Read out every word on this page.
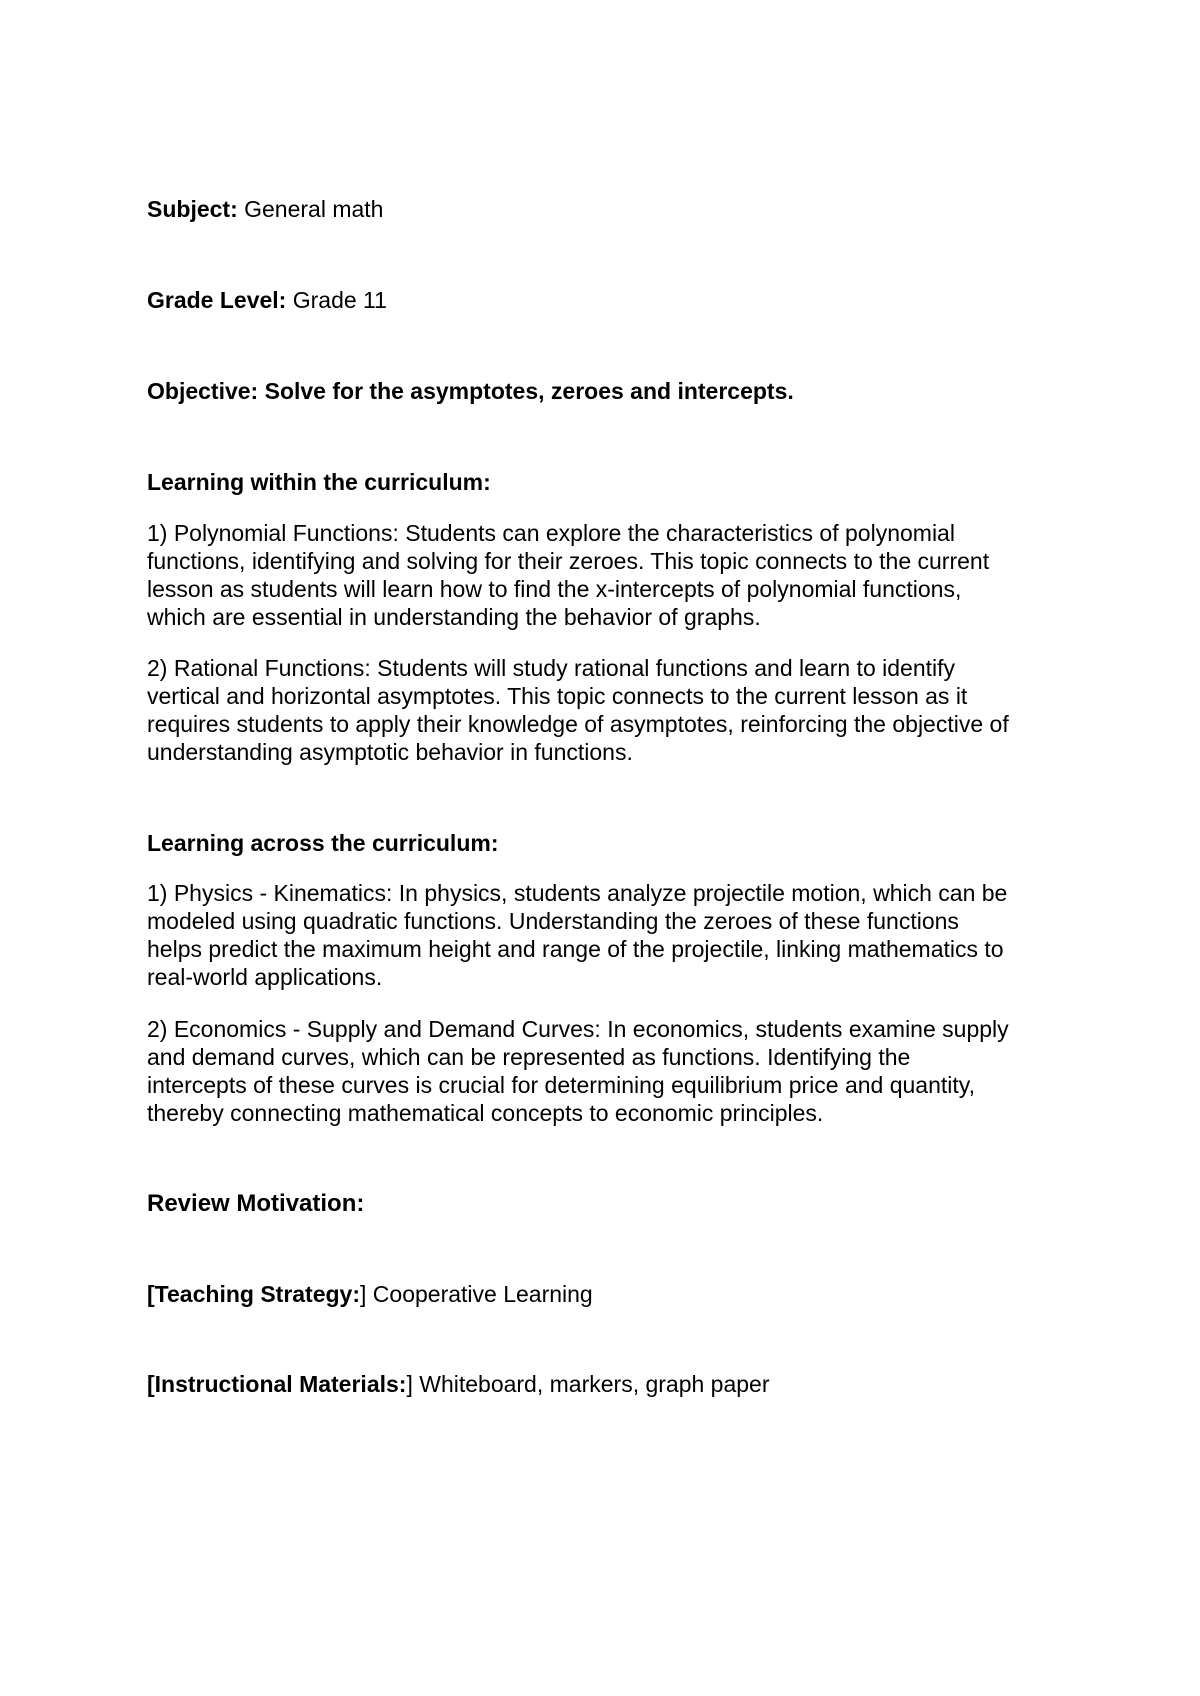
Subject: General math
Grade Level: Grade 11
Objective: Solve for the asymptotes, zeroes and intercepts.
Learning within the curriculum:
1) Polynomial Functions: Students can explore the characteristics of polynomial
functions, identifying and solving for their zeroes. This topic connects to the current
lesson as students will learn how to find the x-intercepts of polynomial functions,
which are essential in understanding the behavior of graphs.
2) Rational Functions: Students will study rational functions and learn to identify
vertical and horizontal asymptotes. This topic connects to the current lesson as it
requires students to apply their knowledge of asymptotes, reinforcing the objective of
understanding asymptotic behavior in functions.
Learning across the curriculum:
1) Physics - Kinematics: In physics, students analyze projectile motion, which can be
modeled using quadratic functions. Understanding the zeroes of these functions
helps predict the maximum height and range of the projectile, linking mathematics to
real-world applications.
2) Economics - Supply and Demand Curves: In economics, students examine supply
and demand curves, which can be represented as functions. Identifying the
intercepts of these curves is crucial for determining equilibrium price and quantity,
thereby connecting mathematical concepts to economic principles.
Review Motivation:
[Teaching Strategy:] Cooperative Learning
[Instructional Materials:] Whiteboard, markers, graph paper
